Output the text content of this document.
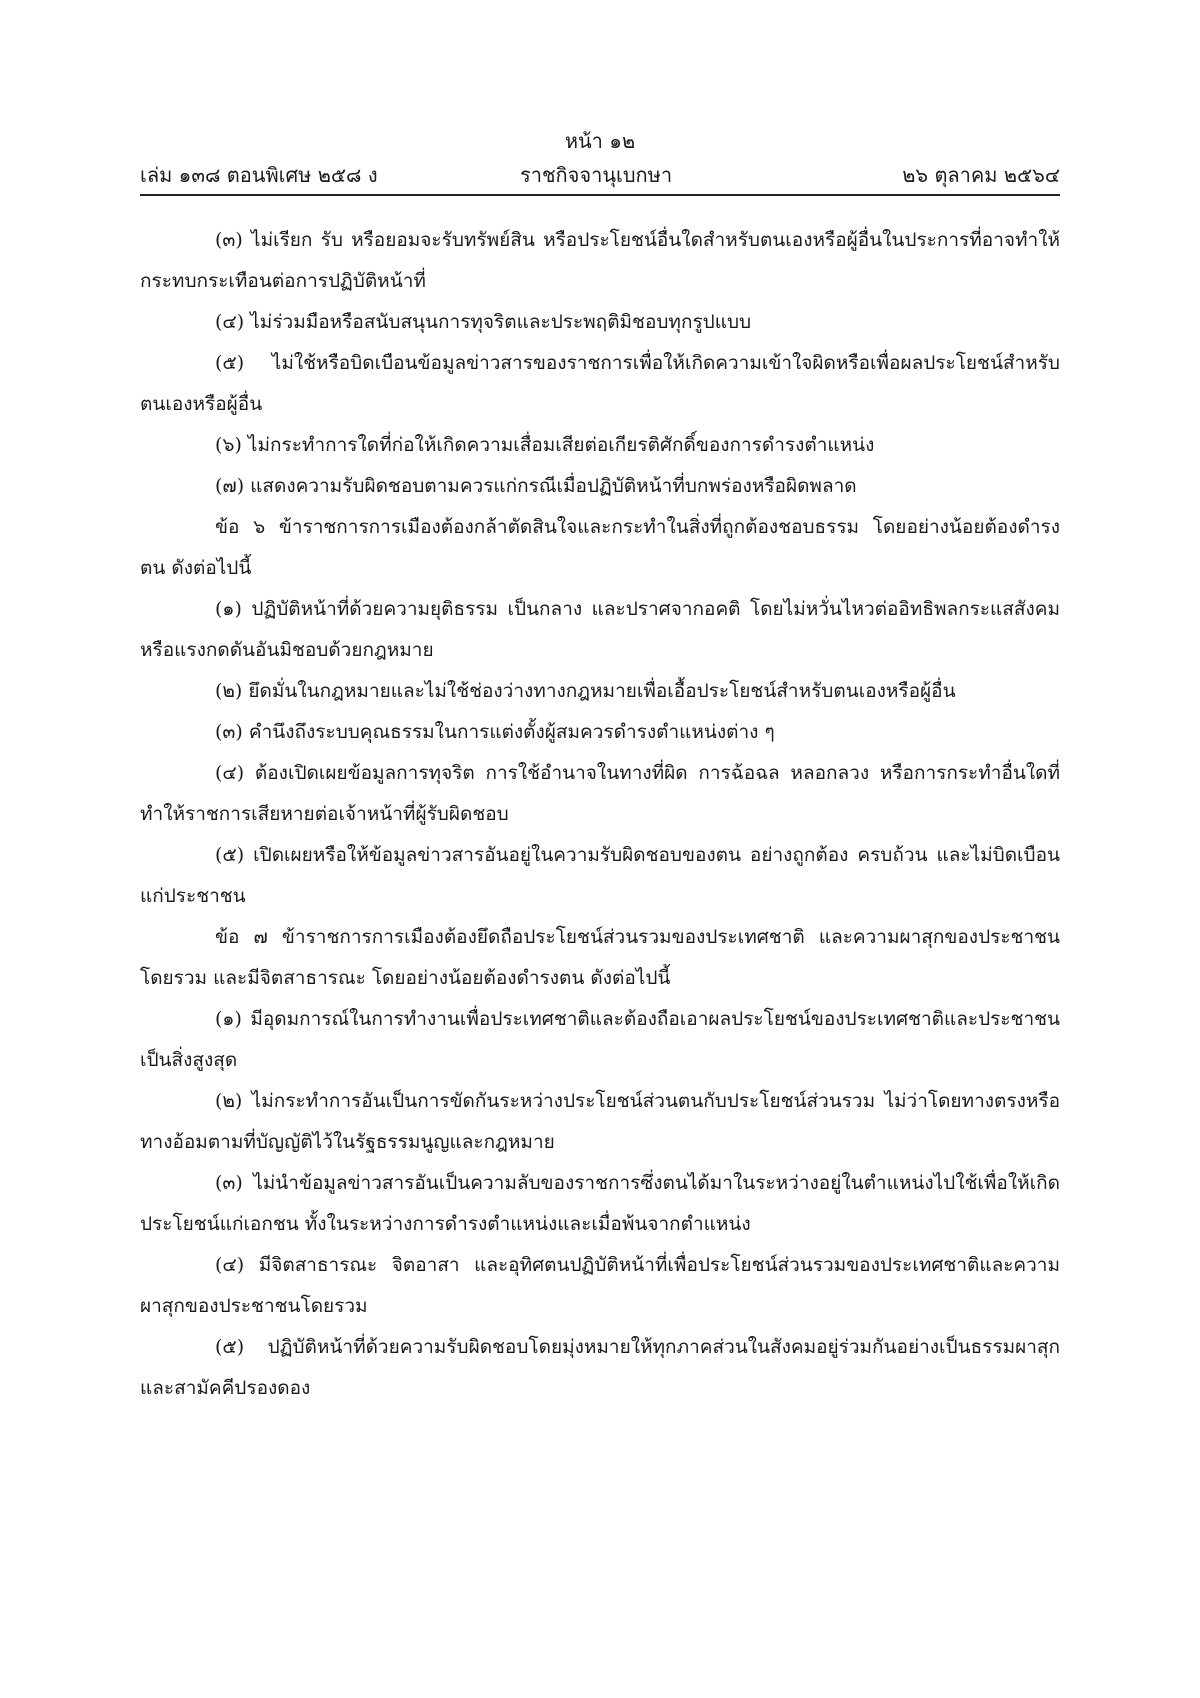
หน้า ๑๒
เล่ม ๑๓๘ ตอนพิเศษ ๒๕๘ ง	ราชกิจจานุเบกษา	๒๖ ตุลาคม ๒๕๖๔

(๓) ไม่เรียก รับ หรือยอมจะรับทรัพย์สิน หรือประโยชน์อื่นใดสำหรับตนเองหรือผู้อื่นในประการที่อาจทำให้กระทบกระเทือนต่อการปฏิบัติหน้าที่

(๔) ไม่ร่วมมือหรือสนับสนุนการทุจริตและประพฤติมิชอบทุกรูปแบบ

(๕) ไม่ใช้หรือบิดเบือนข้อมูลข่าวสารของราชการเพื่อให้เกิดความเข้าใจผิดหรือเพื่อผลประโยชน์สำหรับตนเองหรือผู้อื่น

(๖) ไม่กระทำการใดที่ก่อให้เกิดความเสื่อมเสียต่อเกียรติศักดิ์ของการดำรงตำแหน่ง

(๗) แสดงความรับผิดชอบตามควรแก่กรณีเมื่อปฏิบัติหน้าที่บกพร่องหรือผิดพลาด

ข้อ ๖ ข้าราชการการเมืองต้องกล้าตัดสินใจและกระทำในสิ่งที่ถูกต้องชอบธรรม โดยอย่างน้อยต้องดำรงตน ดังต่อไปนี้

(๑) ปฏิบัติหน้าที่ด้วยความยุติธรรม เป็นกลาง และปราศจากอคติ โดยไม่หวั่นไหวต่ออิทธิพลกระแสสังคม หรือแรงกดดันอันมิชอบด้วยกฎหมาย

(๒) ยึดมั่นในกฎหมายและไม่ใช้ช่องว่างทางกฎหมายเพื่อเอื้อประโยชน์สำหรับตนเองหรือผู้อื่น

(๓) คำนึงถึงระบบคุณธรรมในการแต่งตั้งผู้สมควรดำรงตำแหน่งต่าง ๆ

(๔) ต้องเปิดเผยข้อมูลการทุจริต การใช้อำนาจในทางที่ผิด การฉ้อฉล หลอกลวง หรือการกระทำอื่นใดที่ทำให้ราชการเสียหายต่อเจ้าหน้าที่ผู้รับผิดชอบ

(๕) เปิดเผยหรือให้ข้อมูลข่าวสารอันอยู่ในความรับผิดชอบของตน อย่างถูกต้อง ครบถ้วน และไม่บิดเบือน แก่ประชาชน

ข้อ ๗ ข้าราชการการเมืองต้องยึดถือประโยชน์ส่วนรวมของประเทศชาติ และความผาสุกของประชาชนโดยรวม และมีจิตสาธารณะ โดยอย่างน้อยต้องดำรงตน ดังต่อไปนี้

(๑) มีอุดมการณ์ในการทำงานเพื่อประเทศชาติและต้องถือเอาผลประโยชน์ของประเทศชาติและประชาชนเป็นสิ่งสูงสุด

(๒) ไม่กระทำการอันเป็นการขัดกันระหว่างประโยชน์ส่วนตนกับประโยชน์ส่วนรวม ไม่ว่าโดยทางตรงหรือทางอ้อมตามที่บัญญัติไว้ในรัฐธรรมนูญและกฎหมาย

(๓) ไม่นำข้อมูลข่าวสารอันเป็นความลับของราชการซึ่งตนได้มาในระหว่างอยู่ในตำแหน่งไปใช้เพื่อให้เกิดประโยชน์แก่เอกชน ทั้งในระหว่างการดำรงตำแหน่งและเมื่อพ้นจากตำแหน่ง

(๔) มีจิตสาธารณะ จิตอาสา และอุทิศตนปฏิบัติหน้าที่เพื่อประโยชน์ส่วนรวมของประเทศชาติและความผาสุกของประชาชนโดยรวม

(๕) ปฏิบัติหน้าที่ด้วยความรับผิดชอบโดยมุ่งหมายให้ทุกภาคส่วนในสังคมอยู่ร่วมกันอย่างเป็นธรรมผาสุก และสามัคคีปรองดอง
